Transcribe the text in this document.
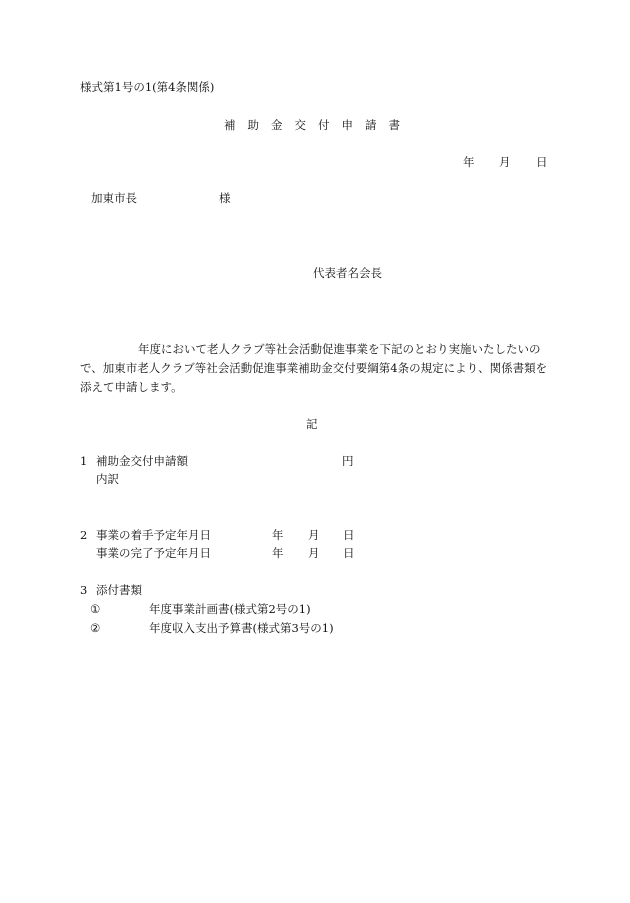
様式第1号の1(第4条関係)
補助金交付申請書
年 月 日
加東市長	様
代表者名会長
年度において老人クラブ等社会活動促進事業を下記のとおり実施いたしたいの
で、加東市老人クラブ等社会活動促進事業補助金交付要綱第4条の規定により、関係書類を
添えて申請します。
記
1 補助金交付申請額	円
内訳
2 事業の着手予定年月日	年 月 日
事業の完了予定年月日	年 月 日
3 添付書類
①	年度事業計画書(様式第2号の1)
②	年度収入支出予算書(様式第3号の1)
